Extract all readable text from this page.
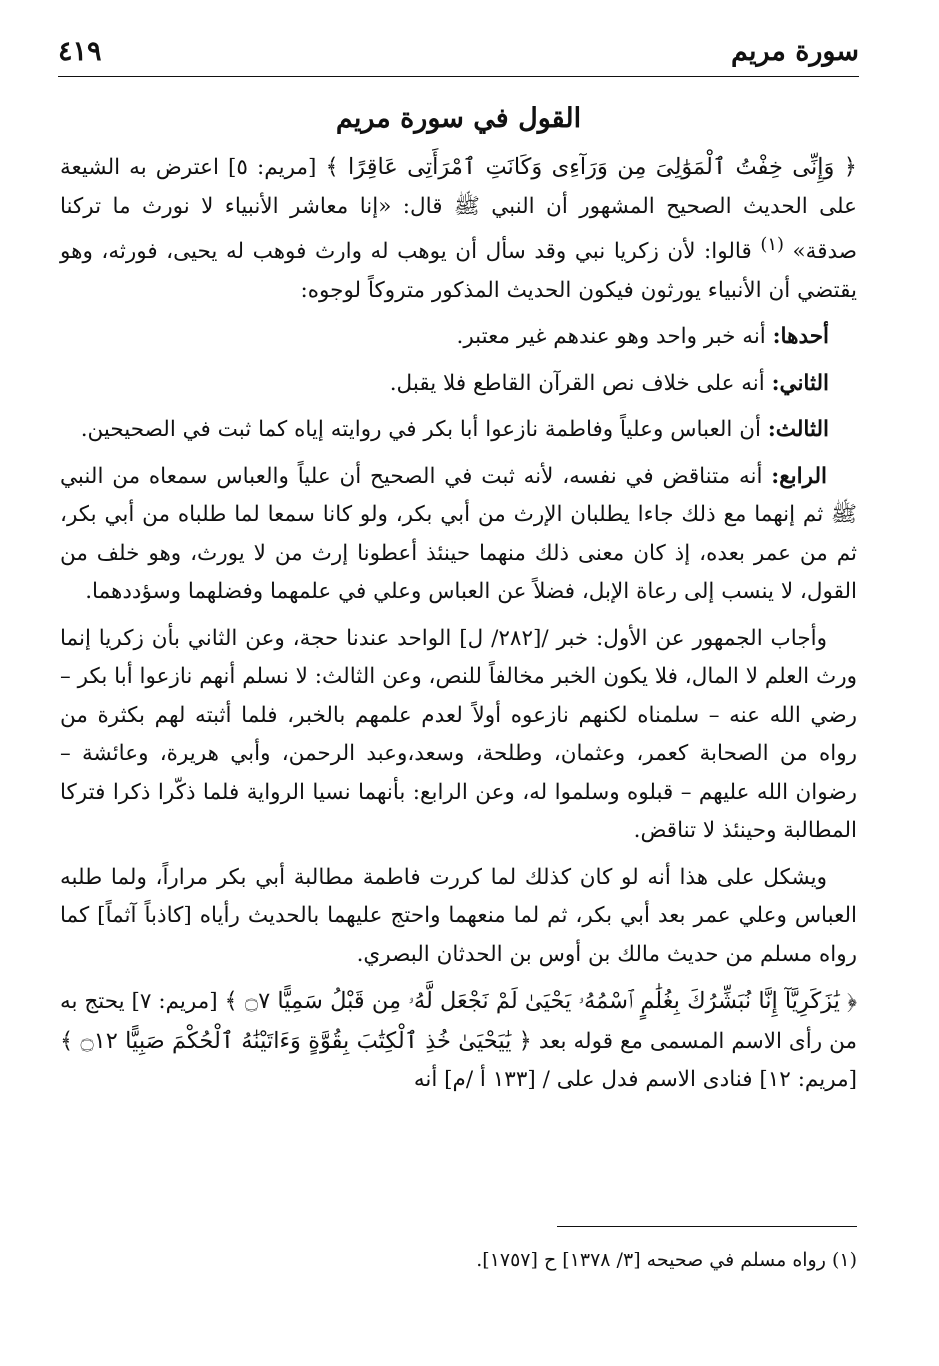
سورة مريم
٤١٩
القول في سورة مريم

﴿ وَإِنِّى خِفْتُ ٱلْمَوَٰلِىَ مِن وَرَآءِى وَكَانَتِ ٱمْرَأَتِى عَاقِرًا ﴾ [مريم: ٥] اعترض به الشيعة على الحديث الصحيح المشهور أن النبي ﷺ قال: «إنا معاشر الأنبياء لا نورث ما تركنا صدقة» $^{(١)}$ قالوا: لأن زكريا نبي وقد سأل أن يوهب له وارث فوهب له يحيى، فورثه، وهو يقتضي أن الأنبياء يورثون فيكون الحديث المذكور متروكاً لوجوه:

أحدها: أنه خبر واحد وهو عندهم غير معتبر.

الثاني: أنه على خلاف نص القرآن القاطع فلا يقبل.

الثالث: أن العباس وعلياً وفاطمة نازعوا أبا بكر في روايته إياه كما ثبت في الصحيحين.

الرابع: أنه متناقض في نفسه، لأنه ثبت في الصحيح أن علياً والعباس سمعاه من النبي ﷺ ثم إنهما مع ذلك جاءا يطلبان الإرث من أبي بكر، ولو كانا سمعا لما طلباه من أبي بكر، ثم من عمر بعده، إذ كان معنى ذلك منهما حينئذ أعطونا إرث من لا يورث، وهو خلف من القول، لا ينسب إلى رعاة الإبل، فضلاً عن العباس وعلي في علمهما وفضلهما وسؤددهما.

وأجاب الجمهور عن الأول: خبر /[٢٨٢/ ل] الواحد عندنا حجة، وعن الثاني بأن زكريا إنما ورث العلم لا المال، فلا يكون الخبر مخالفاً للنص، وعن الثالث: لا نسلم أنهم نازعوا أبا بكر – رضي الله عنه – سلمناه لكنهم نازعوه أولاً لعدم علمهم بالخبر، فلما أثبته لهم بكثرة من رواه من الصحابة كعمر، وعثمان، وطلحة، وسعد،وعبد الرحمن، وأبي هريرة، وعائشة – رضوان الله عليهم – قبلوه وسلموا له، وعن الرابع: بأنهما نسيا الرواية فلما ذكّرا ذكرا فتركا المطالبة وحينئذ لا تناقض.

ويشكل على هذا أنه لو كان كذلك لما كررت فاطمة مطالبة أبي بكر مراراً، ولما طلبه العباس وعلي عمر بعد أبي بكر، ثم لما منعهما واحتج عليهما بالحديث رأياه [كاذباً آثماً] كما رواه مسلم من حديث مالك بن أوس بن الحدثان البصري.

﴿ يَٰزَكَرِيَّآ إِنَّا نُبَشِّرُكَ بِغُلَٰمٍ ٱسْمُهُۥ يَحْيَىٰ لَمْ نَجْعَل لَّهُۥ مِن قَبْلُ سَمِيًّا ۝٧ ﴾ [مريم: ٧] يحتج به من رأى الاسم المسمى مع قوله بعد ﴿ يَٰيَحْيَىٰ خُذِ ٱلْكِتَٰبَ بِقُوَّةٍ وَءَاتَيْنَٰهُ ٱلْحُكْمَ صَبِيًّا ۝١٢ ﴾ [مريم: ١٢] فنادى الاسم فدل على / [١٣٣ أ /م] أنه

(١) رواه مسلم في صحيحه [٣/ ١٣٧٨] ح [١٧٥٧].
